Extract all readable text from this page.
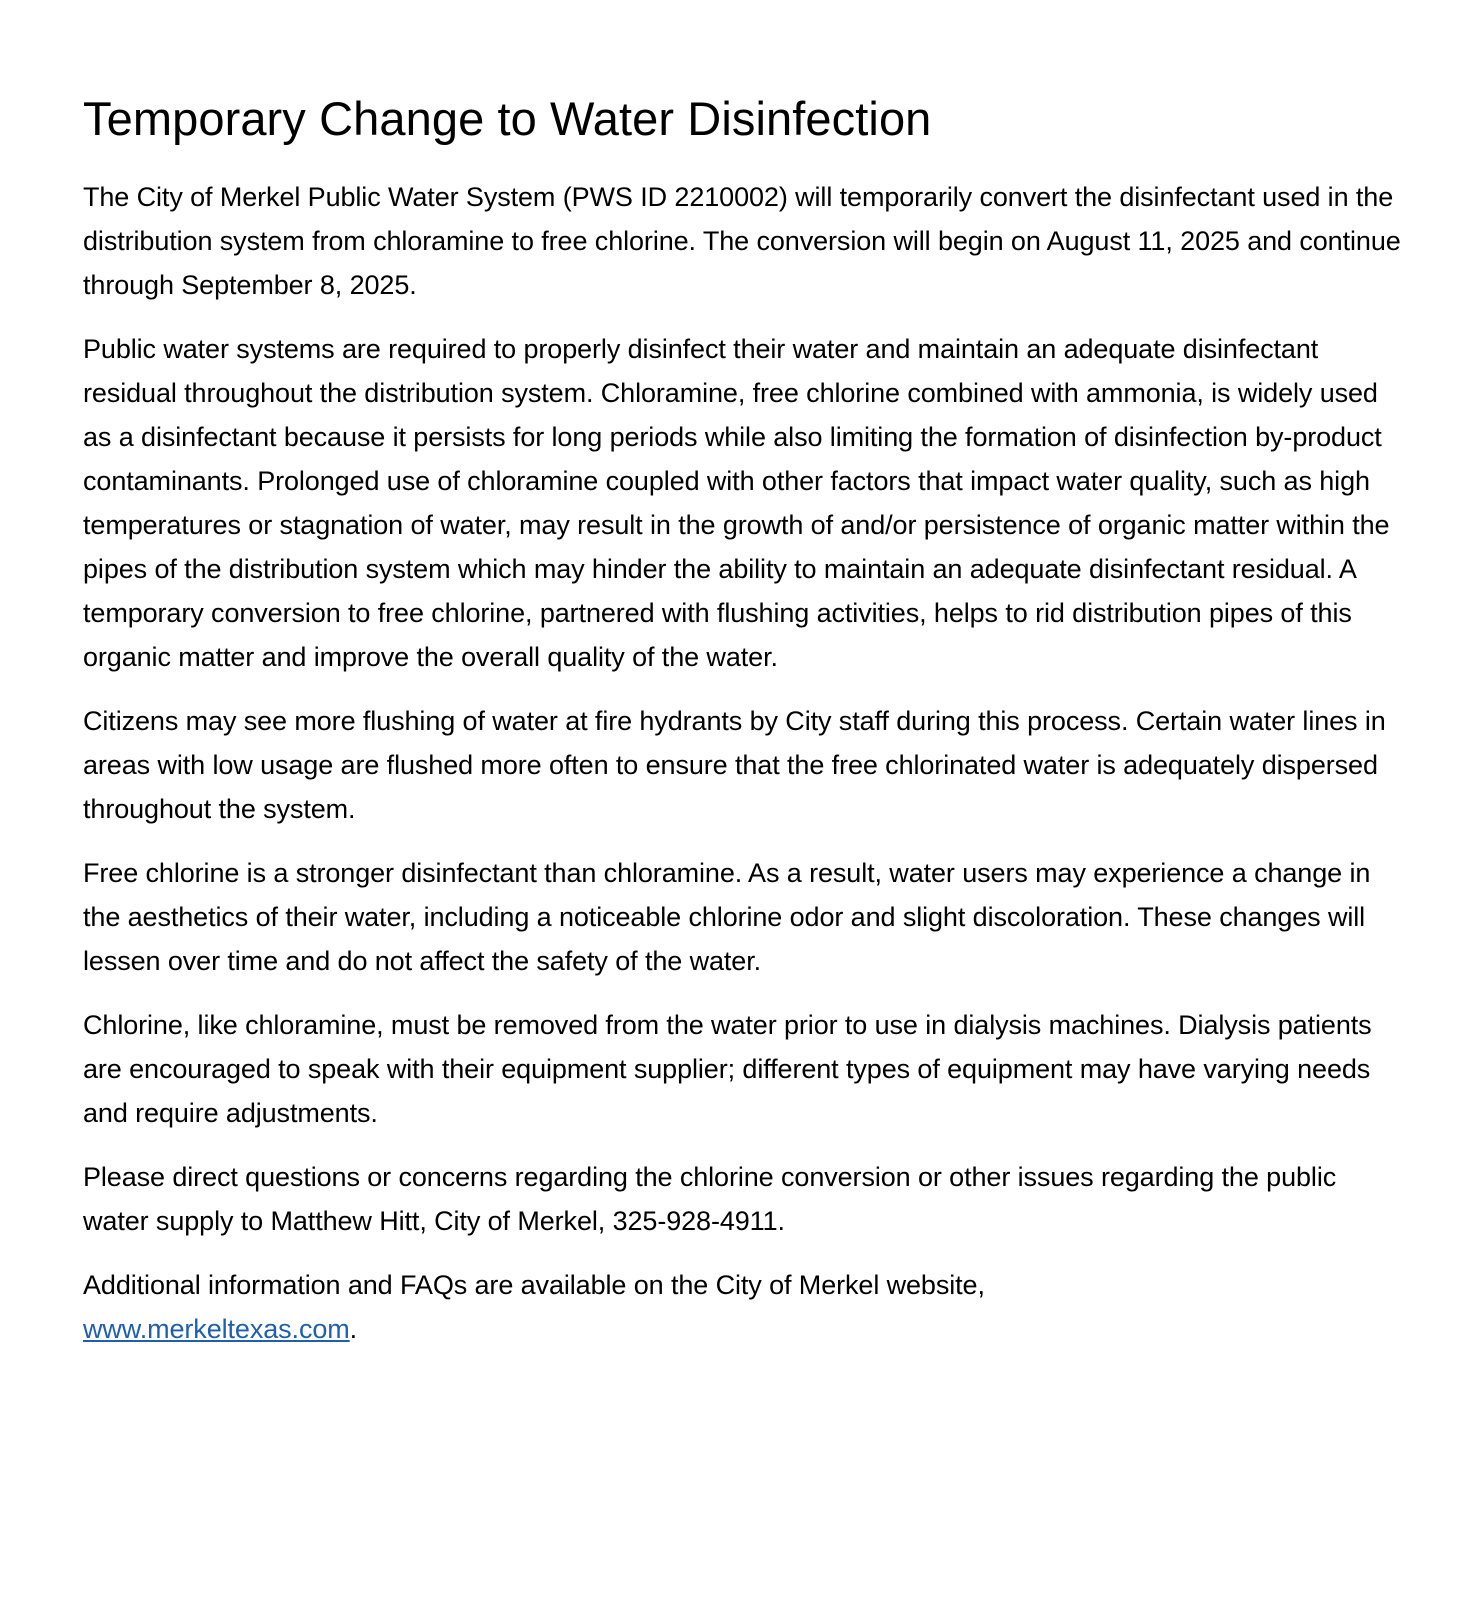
Temporary Change to Water Disinfection

The City of Merkel Public Water System (PWS ID 2210002) will temporarily convert the disinfectant used in the distribution system from chloramine to free chlorine. The conversion will begin on August 11, 2025 and continue through September 8, 2025.

Public water systems are required to properly disinfect their water and maintain an adequate disinfectant residual throughout the distribution system. Chloramine, free chlorine combined with ammonia, is widely used as a disinfectant because it persists for long periods while also limiting the formation of disinfection by-product contaminants. Prolonged use of chloramine coupled with other factors that impact water quality, such as high temperatures or stagnation of water, may result in the growth of and/or persistence of organic matter within the pipes of the distribution system which may hinder the ability to maintain an adequate disinfectant residual. A temporary conversion to free chlorine, partnered with flushing activities, helps to rid distribution pipes of this organic matter and improve the overall quality of the water.

Citizens may see more flushing of water at fire hydrants by City staff during this process. Certain water lines in areas with low usage are flushed more often to ensure that the free chlorinated water is adequately dispersed throughout the system.

Free chlorine is a stronger disinfectant than chloramine. As a result, water users may experience a change in the aesthetics of their water, including a noticeable chlorine odor and slight discoloration. These changes will lessen over time and do not affect the safety of the water.

Chlorine, like chloramine, must be removed from the water prior to use in dialysis machines. Dialysis patients are encouraged to speak with their equipment supplier; different types of equipment may have varying needs and require adjustments.

Please direct questions or concerns regarding the chlorine conversion or other issues regarding the public water supply to Matthew Hitt, City of Merkel, 325-928-4911.

Additional information and FAQs are available on the City of Merkel website,
www.merkeltexas.com.
